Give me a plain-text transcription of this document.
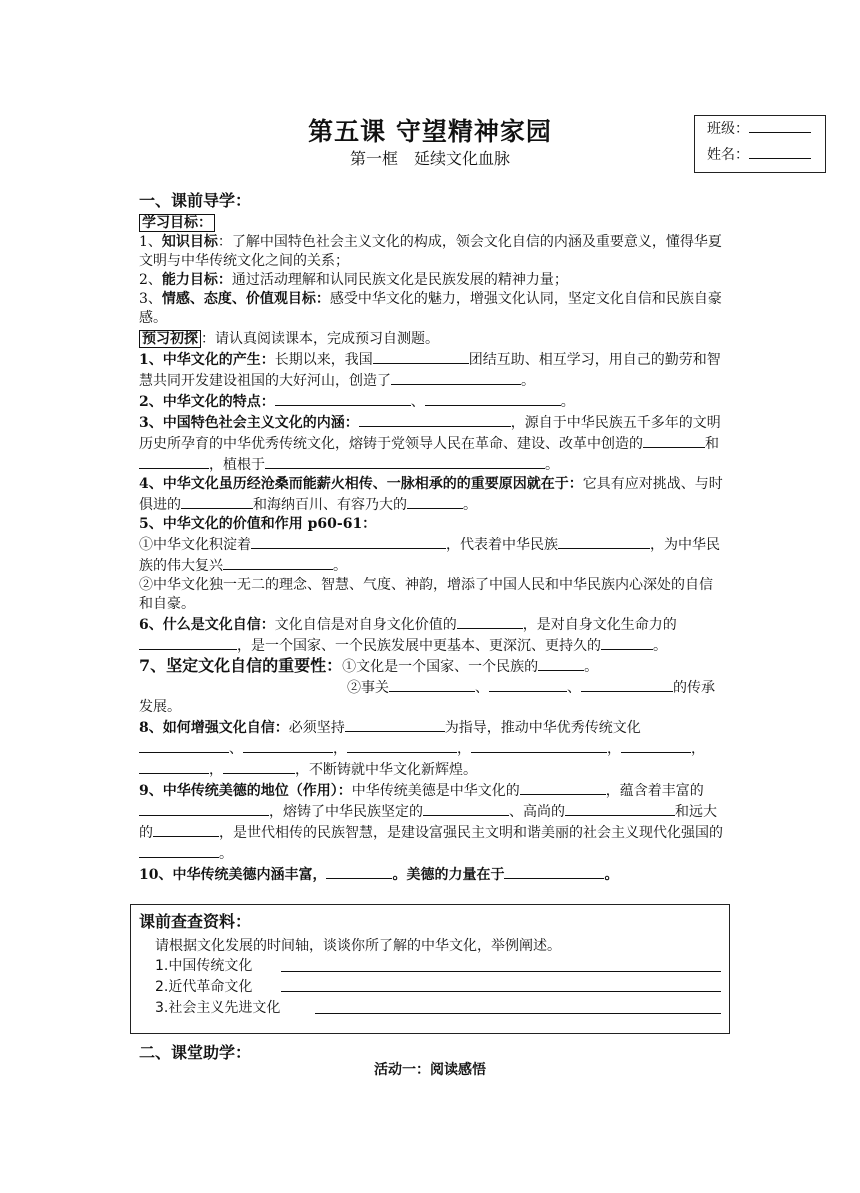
第五课 守望精神家园
第一框　延续文化血脉
班级：
姓名：

一、课前导学：

学习目标：

1、知识目标：了解中国特色社会主义文化的构成，领会文化自信的内涵及重要意义，懂得华夏文明与中华传统文化之间的关系；

2、能力目标：通过活动理解和认同民族文化是民族发展的精神力量；

3、情感、态度、价值观目标：感受中华文化的魅力，增强文化认同，坚定文化自信和民族自豪感。

预习初探 ：请认真阅读课本，完成预习自测题。

1、中华文化的产生：长期以来，我国	团结互助、相互学习，用自己的勤劳和智慧共同开发建设祖国的大好河山，创造了	。

2、中华文化的特点：	、	。

3、中国特色社会主义文化的内涵：	，源自于中华民族五千多年的文明历史所孕育的中华优秀传统文化，熔铸于党领导人民在革命、建设、改革中创造的	和，植根于	。

4、中华文化虽历经沧桑而能薪火相传、一脉相承的的重要原因就在于：它具有应对挑战、与时俱进的	和海纳百川、有容乃大的	。

5、中华文化的价值和作用 p60-61：

①中华文化积淀着	，代表着中华民族	，为中华民族的伟大复兴	。

②中华文化独一无二的理念、智慧、气度、神韵，增添了中国人民和中华民族内心深处的自信和自豪。

6、什么是文化自信：文化自信是对自身文化价值的	，是对自身文化生命力的，是一个国家、一个民族发展中更基本、更深沉、更持久的	。

7、坚定文化自信的重要性：①文化是一个国家、一个民族的	。

②事关	、	、	的传承发展。

8、如何增强文化自信：必须坚持	为指导，推动中华优秀传统文化、	，	，	，	，，	，不断铸就中华文化新辉煌。

9、中华传统美德的地位（作用）：中华传统美德是中华文化的	，蕴含着丰富的，熔铸了中华民族坚定的	、高尚的	和远大的	，是世代相传的民族智慧，是建设富强民主文明和谐美丽的社会主义现代化强国的。

10、中华传统美德内涵丰富，	。美德的力量在于	。

课前查查资料：
请根据文化发展的时间轴，谈谈你所了解的中华文化，举例阐述。
1.中国传统文化
2.近代革命文化
3.社会主义先进文化
二、课堂助学：
活动一：阅读感悟
